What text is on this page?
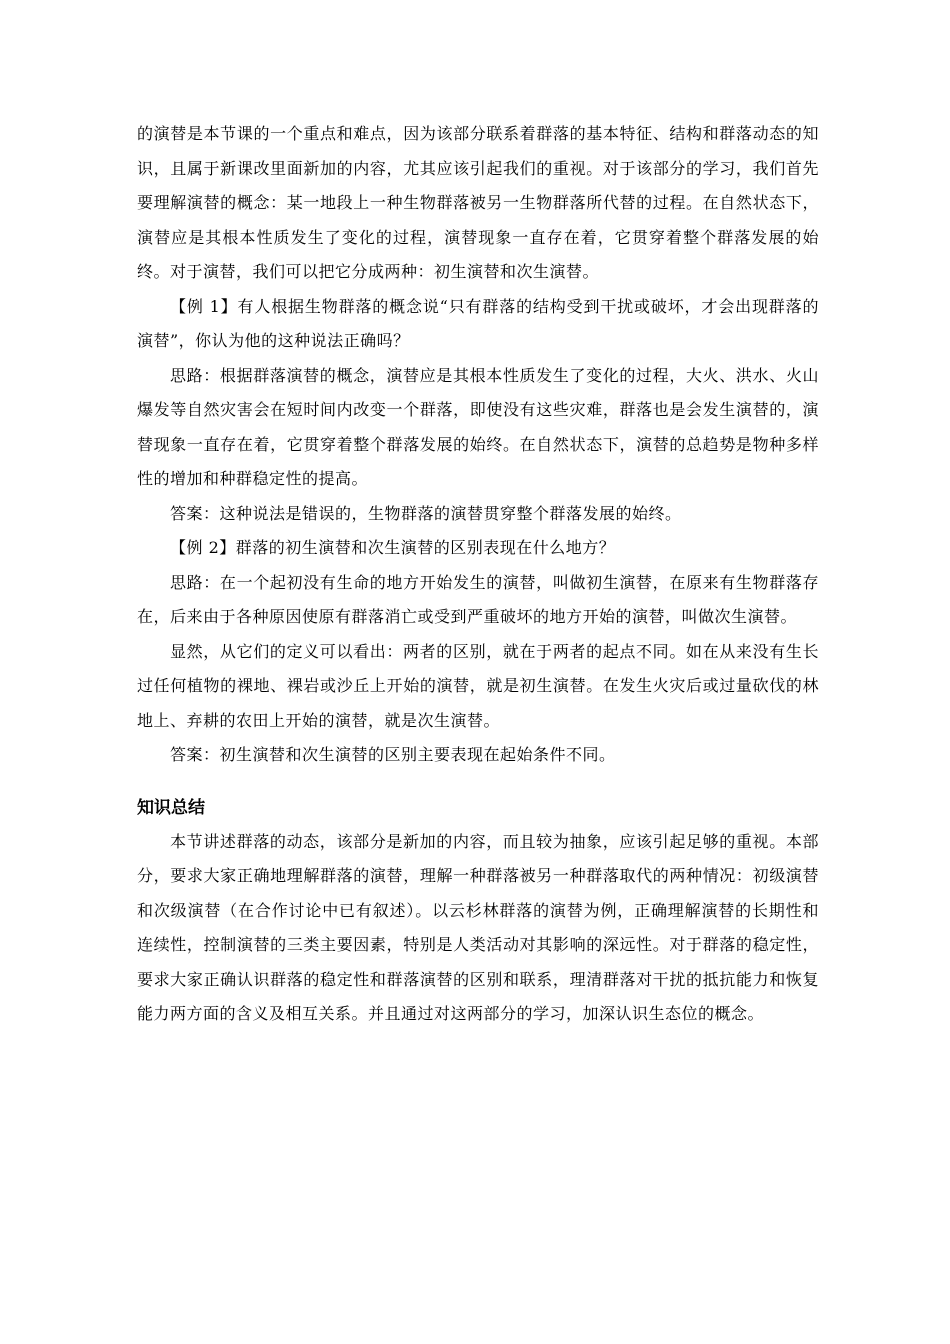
的演替是本节课的一个重点和难点，因为该部分联系着群落的基本特征、结构和群落动态的知识，且属于新课改里面新加的内容，尤其应该引起我们的重视。对于该部分的学习，我们首先要理解演替的概念：某一地段上一种生物群落被另一生物群落所代替的过程。在自然状态下，演替应是其根本性质发生了变化的过程，演替现象一直存在着，它贯穿着整个群落发展的始终。对于演替，我们可以把它分成两种：初生演替和次生演替。

【例 1】有人根据生物群落的概念说“只有群落的结构受到干扰或破坏，才会出现群落的演替”，你认为他的这种说法正确吗？

思路：根据群落演替的概念，演替应是其根本性质发生了变化的过程，大火、洪水、火山爆发等自然灾害会在短时间内改变一个群落，即使没有这些灾难，群落也是会发生演替的，演替现象一直存在着，它贯穿着整个群落发展的始终。在自然状态下，演替的总趋势是物种多样性的增加和种群稳定性的提高。

答案：这种说法是错误的，生物群落的演替贯穿整个群落发展的始终。

【例 2】群落的初生演替和次生演替的区别表现在什么地方？

思路：在一个起初没有生命的地方开始发生的演替，叫做初生演替，在原来有生物群落存在，后来由于各种原因使原有群落消亡或受到严重破坏的地方开始的演替，叫做次生演替。

显然，从它们的定义可以看出：两者的区别，就在于两者的起点不同。如在从来没有生长过任何植物的裸地、裸岩或沙丘上开始的演替，就是初生演替。在发生火灾后或过量砍伐的林地上、弃耕的农田上开始的演替，就是次生演替。

答案：初生演替和次生演替的区别主要表现在起始条件不同。

知识总结

本节讲述群落的动态，该部分是新加的内容，而且较为抽象，应该引起足够的重视。本部分，要求大家正确地理解群落的演替，理解一种群落被另一种群落取代的两种情况：初级演替和次级演替（在合作讨论中已有叙述）。以云杉林群落的演替为例，正确理解演替的长期性和连续性，控制演替的三类主要因素，特别是人类活动对其影响的深远性。对于群落的稳定性，要求大家正确认识群落的稳定性和群落演替的区别和联系，理清群落对干扰的抵抗能力和恢复能力两方面的含义及相互关系。并且通过对这两部分的学习，加深认识生态位的概念。
